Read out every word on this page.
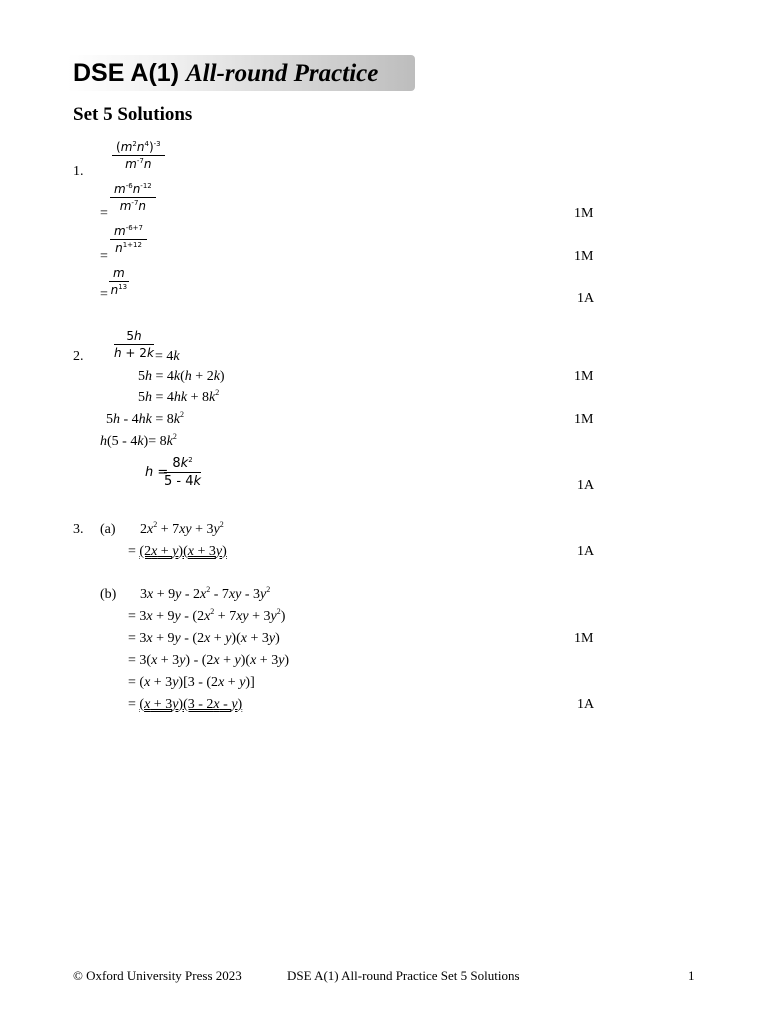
DSE A(1) All-round Practice
Set 5 Solutions
1.
$\frac{(m^2n^4)^{-3}}{m^{-7}n}$
=
$\frac{m^{-6}n^{-12}}{m^{-7}n}$
1M
=
$\frac{m^{-6+7}}{n^{1+12}}$
1M
= $\frac{m}{n^{13}}$
1A
2.	$\frac{5h}{h + 2k} = 4k$
5h = 4k(h + 2k)	1M
$5h = 4hk + 8k^2$
$5h - 4hk = 8k^2$	1M
$h(5 - 4k)= 8k^2$
h =
$\frac{8k^2}{5 - 4k}$	1A
3. (a) $2x^2 + 7xy + 3y^2$
= (2x + y)(x + 3y)	1A
(b) $3x + 9y - 2x^2 - 7xy - 3y^2$
= $3x + 9y - (2x^2 + 7xy + 3y^2)$
= 3x + 9y - (2x + y)(x + 3y)	1M
= 3(x + 3y) - (2x + y)(x + 3y)
= (x + 3y)[3 - (2x + y)]
= (x + 3y)(3 - 2x - y)	1A
© Oxford University Press 2023	DSE A(1) All-round Practice Set 5 Solutions	1
